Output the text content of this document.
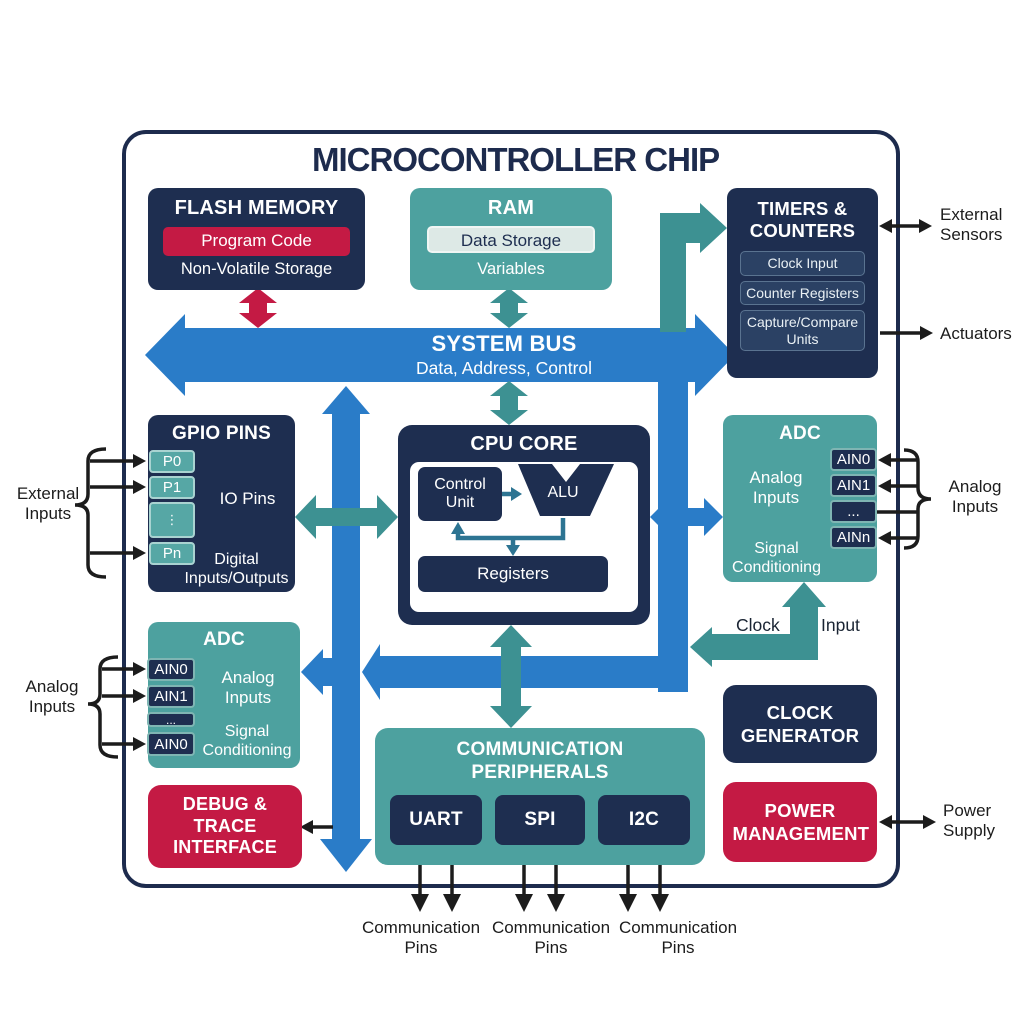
MICROCONTROLLER CHIP
SYSTEM BUS
Data, Address, Control
FLASH MEMORY
Program Code
Non-Volatile Storage
RAM
Data Storage
Variables
TIMERS & COUNTERS
Clock Input
Counter Registers
Capture/Compare Units
GPIO PINS
P0
P1
⋮
Pn
IO Pins
Digital Inputs/Outputs
CPU CORE
Control Unit
ALU
Registers
ADC
Analog Inputs
AIN0
AIN1
...
AINn
Signal Conditioning
Clock Input
ADC
AIN0
AIN1
...
AIN0
Analog Inputs
Signal Conditioning
DEBUG & TRACE INTERFACE
COMMUNICATION PERIPHERALS
UART	SPI	I2C
CLOCK GENERATOR
POWER MANAGEMENT
External Sensors
Actuators
Analog Inputs
Power Supply
External Inputs
Analog Inputs
Communication Pins
Communication Pins
Communication Pins
